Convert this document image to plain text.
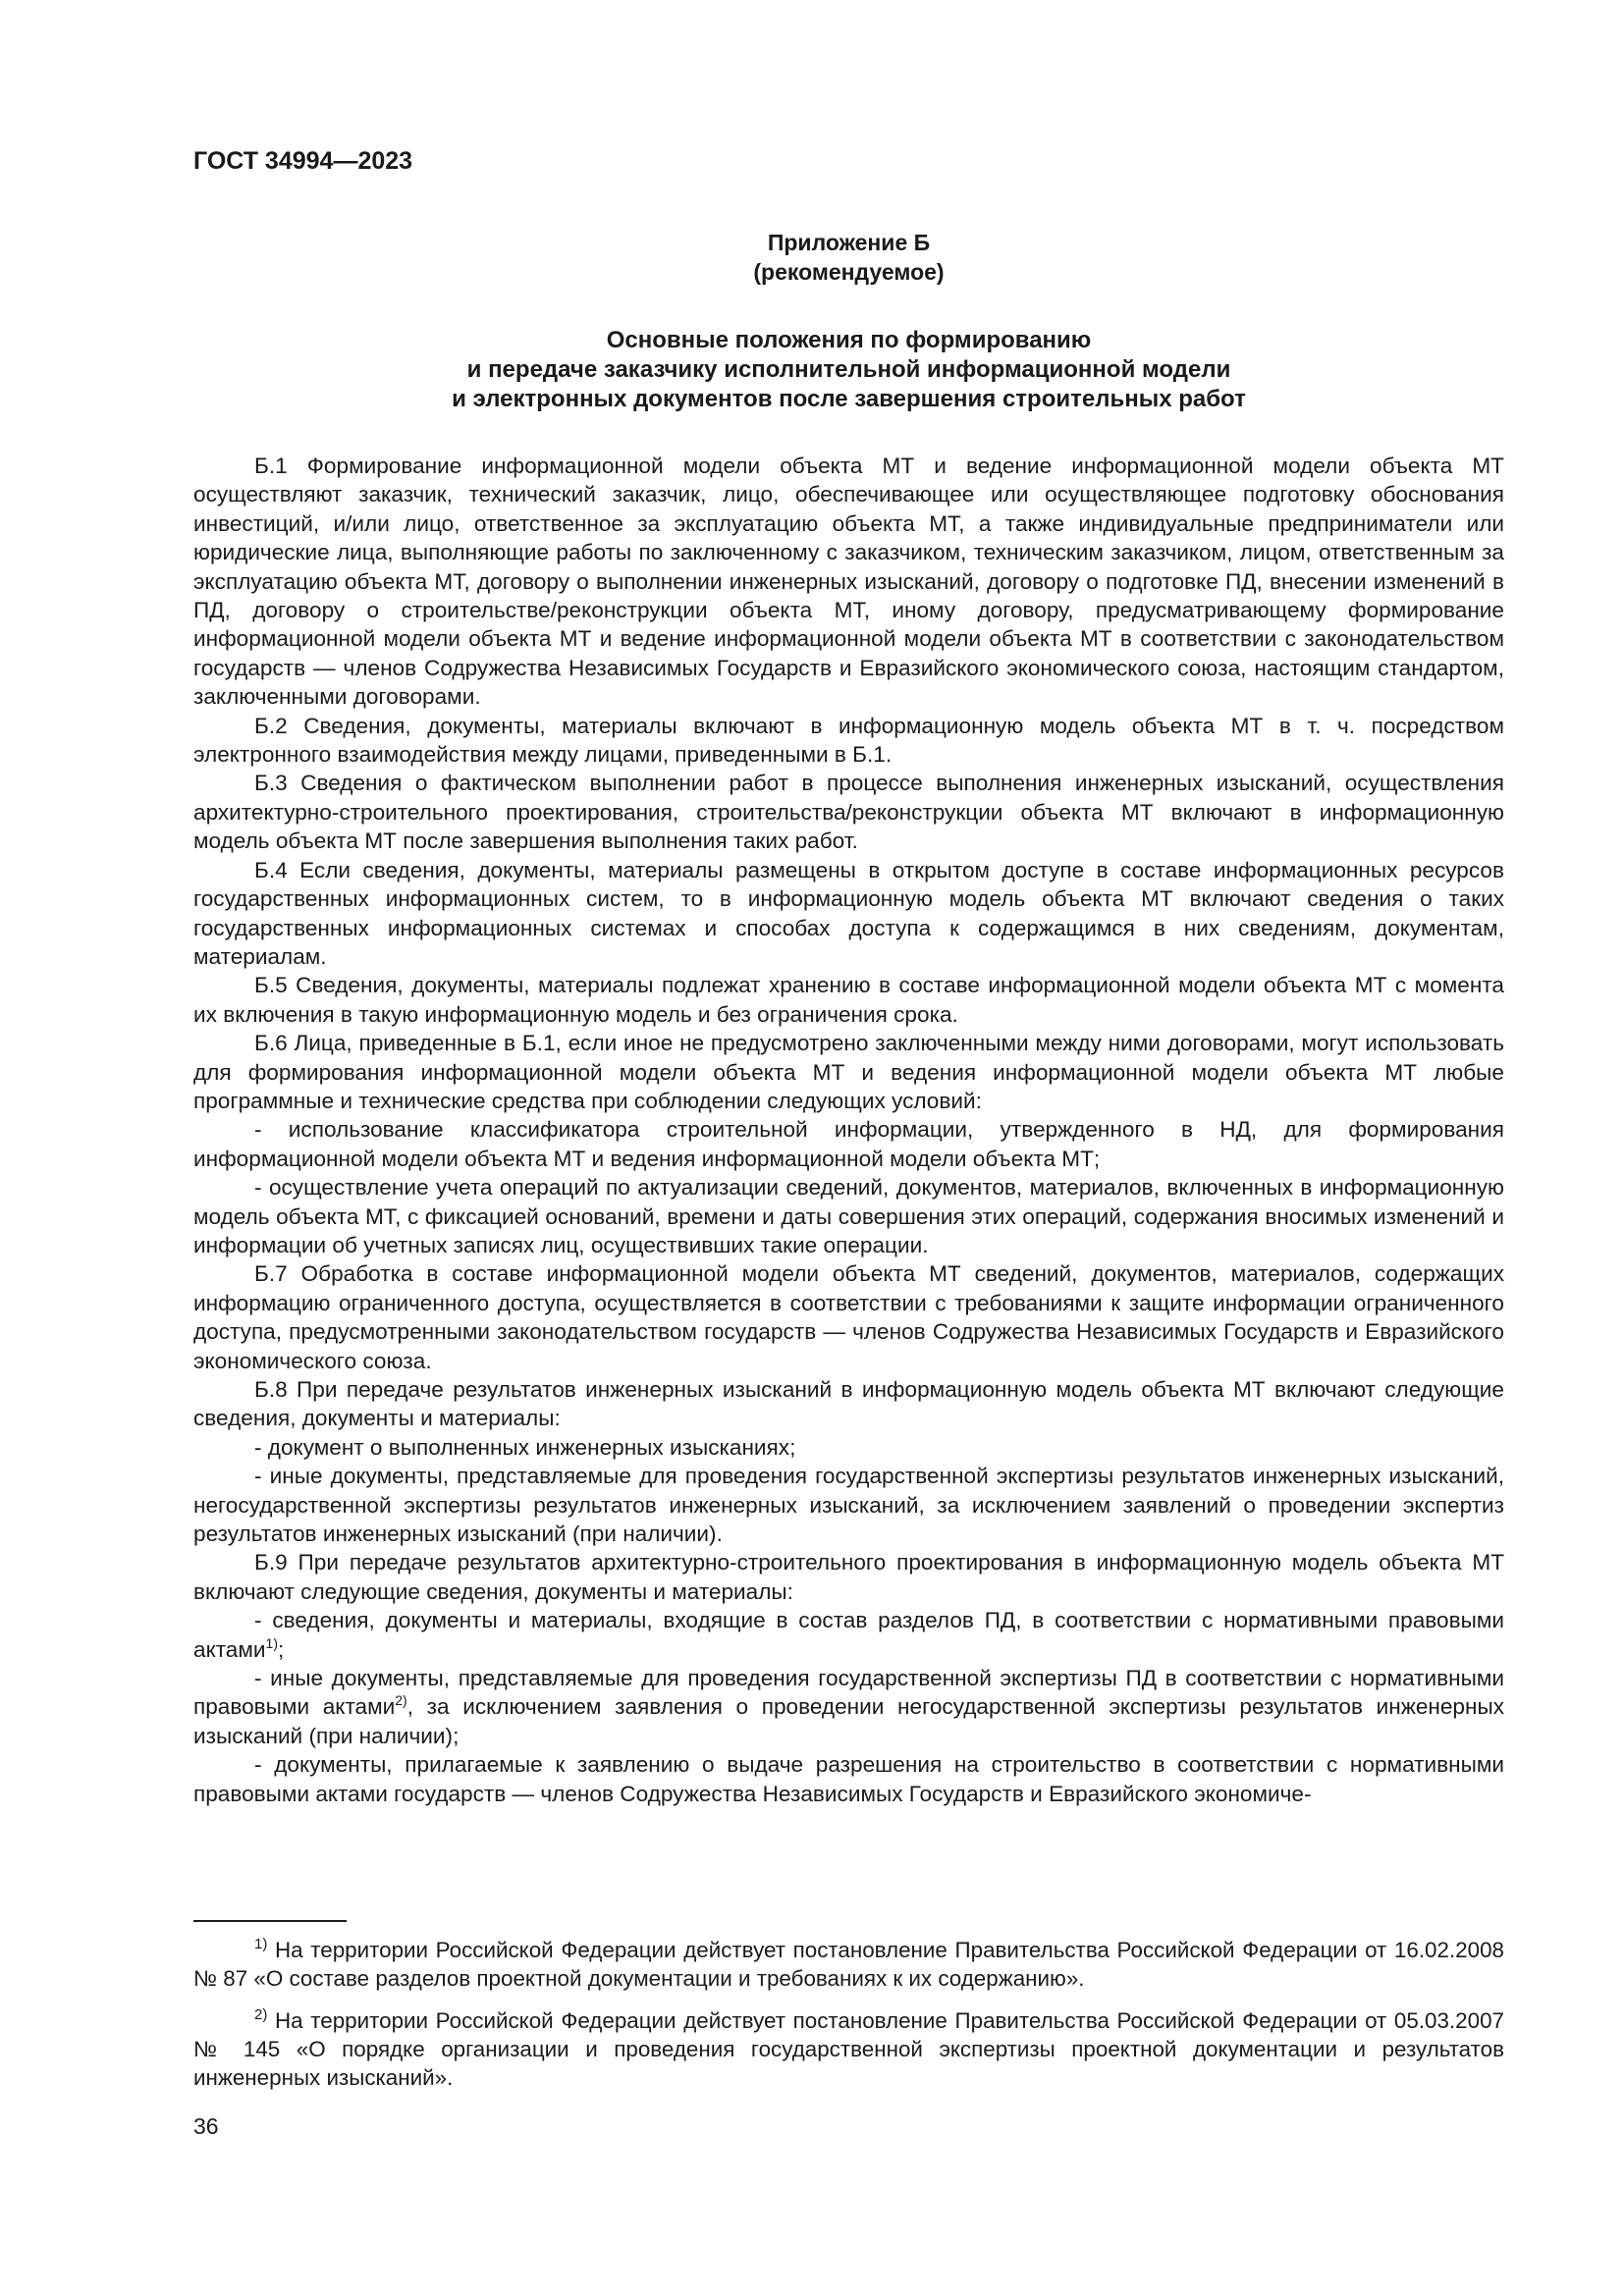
ГОСТ 34994—2023
Приложение Б
(рекомендуемое)
Основные положения по формированию
и передаче заказчику исполнительной информационной модели
и электронных документов после завершения строительных работ

Б.1 Формирование информационной модели объекта МТ и ведение информационной модели объекта МТ осуществляют заказчик, технический заказчик, лицо, обеспечивающее или осуществляющее подготовку обоснования инвестиций, и/или лицо, ответственное за эксплуатацию объекта МТ, а также индивидуальные предприниматели или юридические лица, выполняющие работы по заключенному с заказчиком, техническим заказчиком, лицом, ответственным за эксплуатацию объекта МТ, договору о выполнении инженерных изысканий, договору о подготовке ПД, внесении изменений в ПД, договору о строительстве/реконструкции объекта МТ, иному договору, предусматривающему формирование информационной модели объекта МТ и ведение информационной модели объекта МТ в соответствии с законодательством государств — членов Содружества Независимых Государств и Евразийского экономического союза, настоящим стандартом, заключенными договорами.

Б.2 Сведения, документы, материалы включают в информационную модель объекта МТ в т. ч. посредством электронного взаимодействия между лицами, приведенными в Б.1.

Б.3 Сведения о фактическом выполнении работ в процессе выполнения инженерных изысканий, осуществления архитектурно-строительного проектирования, строительства/реконструкции объекта МТ включают в информационную модель объекта МТ после завершения выполнения таких работ.

Б.4 Если сведения, документы, материалы размещены в открытом доступе в составе информационных ресурсов государственных информационных систем, то в информационную модель объекта МТ включают сведения о таких государственных информационных системах и способах доступа к содержащимся в них сведениям, документам, материалам.

Б.5 Сведения, документы, материалы подлежат хранению в составе информационной модели объекта МТ с момента их включения в такую информационную модель и без ограничения срока.

Б.6 Лица, приведенные в Б.1, если иное не предусмотрено заключенными между ними договорами, могут использовать для формирования информационной модели объекта МТ и ведения информационной модели объекта МТ любые программные и технические средства при соблюдении следующих условий:

- использование классификатора строительной информации, утвержденного в НД, для формирования информационной модели объекта МТ и ведения информационной модели объекта МТ;

- осуществление учета операций по актуализации сведений, документов, материалов, включенных в информационную модель объекта МТ, с фиксацией оснований, времени и даты совершения этих операций, содержания вносимых изменений и информации об учетных записях лиц, осуществивших такие операции.

Б.7 Обработка в составе информационной модели объекта МТ сведений, документов, материалов, содержащих информацию ограниченного доступа, осуществляется в соответствии с требованиями к защите информации ограниченного доступа, предусмотренными законодательством государств — членов Содружества Независимых Государств и Евразийского экономического союза.

Б.8 При передаче результатов инженерных изысканий в информационную модель объекта МТ включают следующие сведения, документы и материалы:

- документ о выполненных инженерных изысканиях;

- иные документы, представляемые для проведения государственной экспертизы результатов инженерных изысканий, негосударственной экспертизы результатов инженерных изысканий, за исключением заявлений о проведении экспертиз результатов инженерных изысканий (при наличии).

Б.9 При передаче результатов архитектурно-строительного проектирования в информационную модель объекта МТ включают следующие сведения, документы и материалы:

- сведения, документы и материалы, входящие в состав разделов ПД, в соответствии с нормативными правовыми актами$^{1)}$;

- иные документы, представляемые для проведения государственной экспертизы ПД в соответствии с нормативными правовыми актами$^{2)}$, за исключением заявления о проведении негосударственной экспертизы результатов инженерных изысканий (при наличии);

- документы, прилагаемые к заявлению о выдаче разрешения на строительство в соответствии с нормативными правовыми актами государств — членов Содружества Независимых Государств и Евразийского экономиче-

$^{1)}$ На территории Российской Федерации действует постановление Правительства Российской Федерации от 16.02.2008 № 87 «О составе разделов проектной документации и требованиях к их содержанию».

$^{2)}$ На территории Российской Федерации действует постановление Правительства Российской Федерации от 05.03.2007 № 145 «О порядке организации и проведения государственной экспертизы проектной документации и результатов инженерных изысканий».

36
